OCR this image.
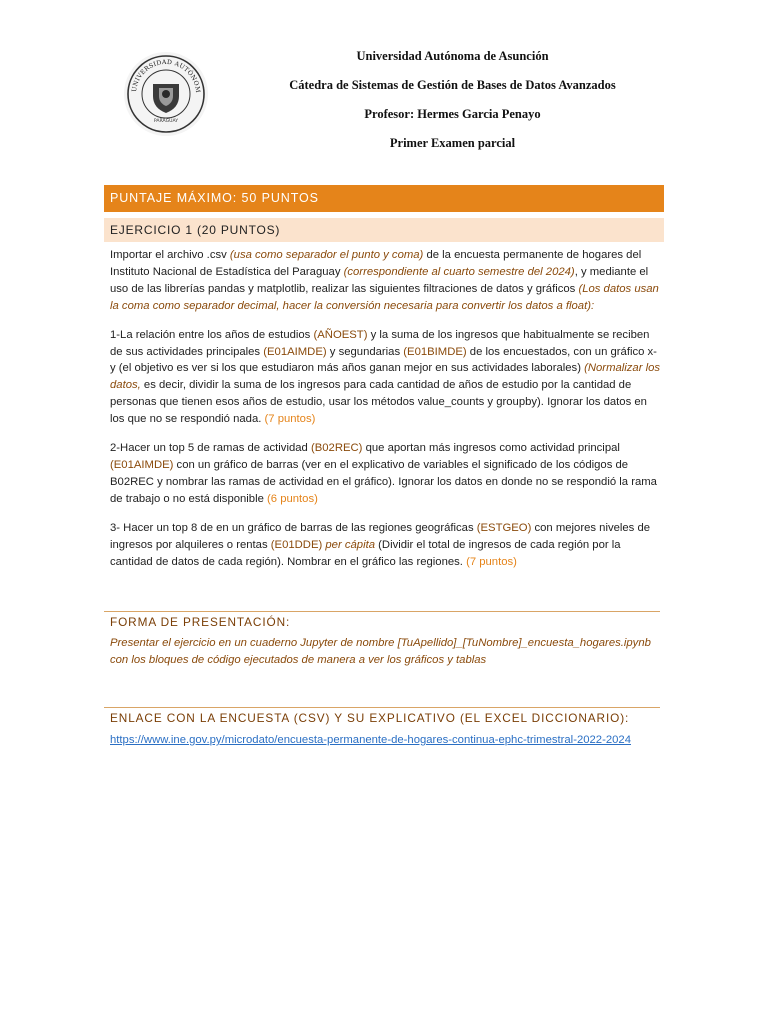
UNIVERSIDAD AUTÓNOM
PARAGUAY
Universidad Autónoma de Asunción
Cátedra de Sistemas de Gestión de Bases de Datos Avanzados
Profesor: Hermes Garcia Penayo
Primer Examen parcial
PUNTAJE MÁXIMO: 50 PUNTOS
EJERCICIO 1 (20 PUNTOS)

Importar el archivo .csv (usa como separador el punto y coma) de la encuesta permanente de hogares del Instituto Nacional de Estadística del Paraguay (correspondiente al cuarto semestre del 2024), y mediante el uso de las librerías pandas y matplotlib, realizar las siguientes filtraciones de datos y gráficos (Los datos usan la coma como separador decimal, hacer la conversión necesaria para convertir los datos a float):

1-La relación entre los años de estudios (AÑOEST) y la suma de los ingresos que habitualmente se reciben de sus actividades principales (E01AIMDE) y segundarias (E01BIMDE) de los encuestados, con un gráfico x-y (el objetivo es ver si los que estudiaron más años ganan mejor en sus actividades laborales) (Normalizar los datos, es decir, dividir la suma de los ingresos para cada cantidad de años de estudio por la cantidad de personas que tienen esos años de estudio, usar los métodos value_counts y groupby). Ignorar los datos en los que no se respondió nada. (7 puntos)

2-Hacer un top 5 de ramas de actividad (B02REC) que aportan más ingresos como actividad principal (E01AIMDE) con un gráfico de barras (ver en el explicativo de variables el significado de los códigos de B02REC y nombrar las ramas de actividad en el gráfico). Ignorar los datos en donde no se respondió la rama de trabajo o no está disponible (6 puntos)

3- Hacer un top 8 de en un gráfico de barras de las regiones geográficas (ESTGEO) con mejores niveles de ingresos por alquileres o rentas (E01DDE) per cápita (Dividir el total de ingresos de cada región por la cantidad de datos de cada región). Nombrar en el gráfico las regiones. (7 puntos)

FORMA DE PRESENTACIÓN:
Presentar el ejercicio en un cuaderno Jupyter de nombre [TuApellido]_[TuNombre]_encuesta_hogares.ipynb con los bloques de código ejecutados de manera a ver los gráficos y tablas
ENLACE CON LA ENCUESTA (CSV) Y SU EXPLICATIVO (EL EXCEL DICCIONARIO):
https://www.ine.gov.py/microdato/encuesta-permanente-de-hogares-continua-ephc-trimestral-2022-2024
